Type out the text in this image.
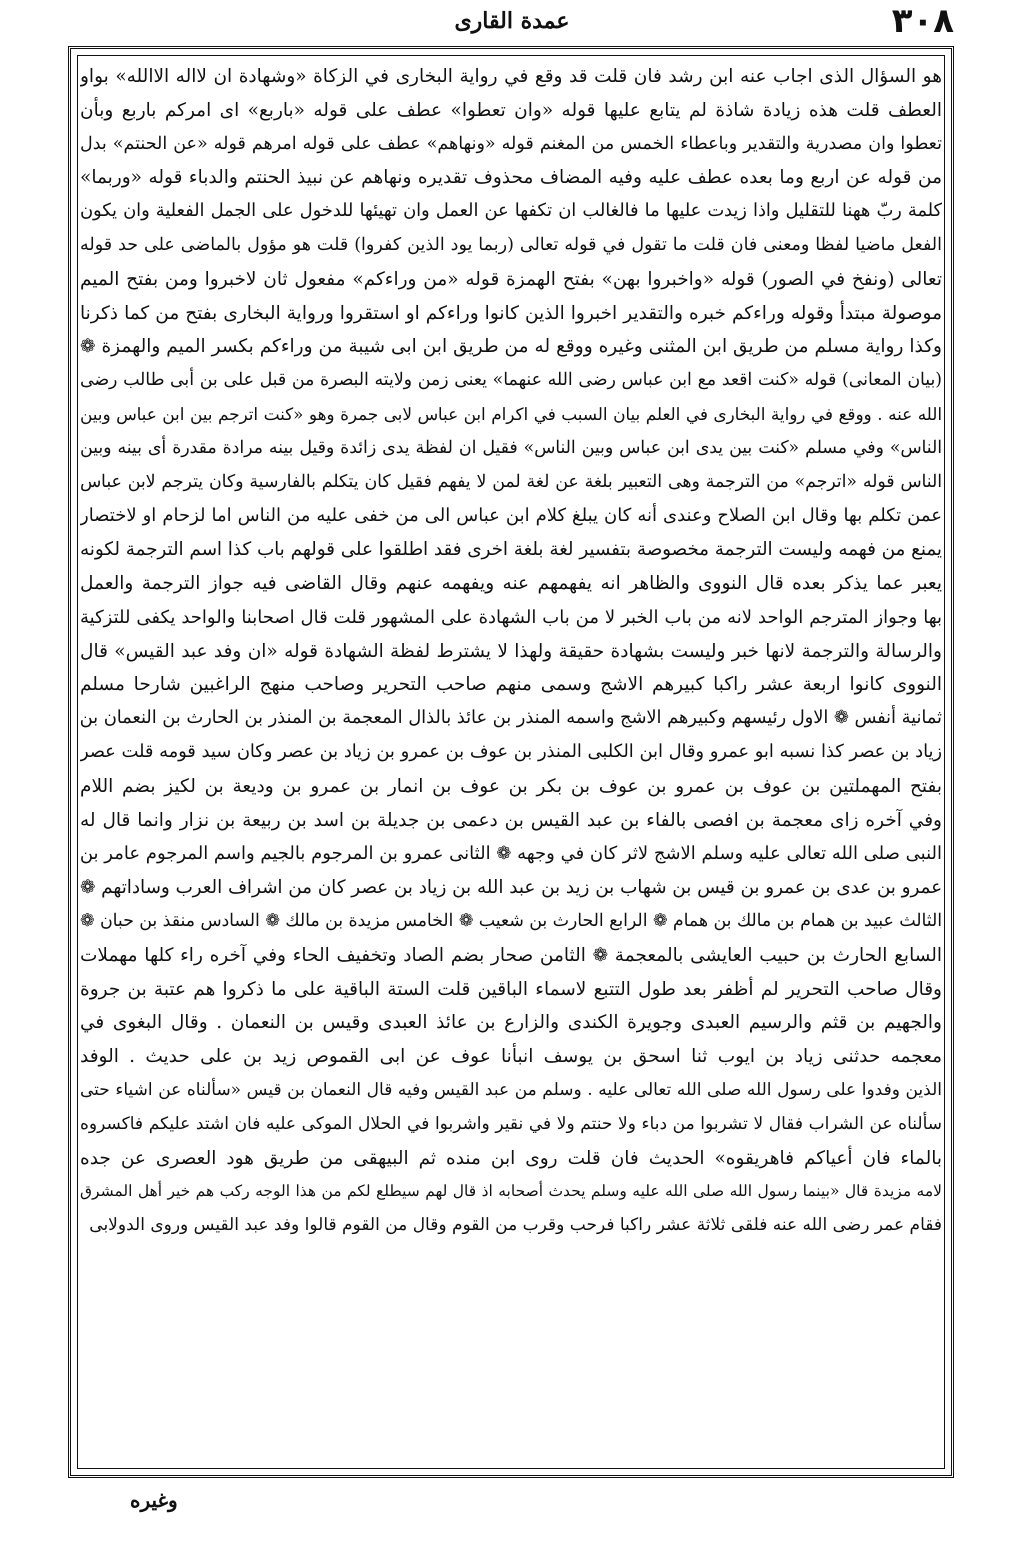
عمدة القارى	٣٠٨
هو السؤال الذى اجاب عنه ابن رشد فان قلت قد وقع في رواية البخارى في الزكاة «وشهادة ان لااله الاالله» بواو
العطف قلت هذه زيادة شاذة لم يتابع عليها قوله «وان تعطوا» عطف على قوله «باربع» اى امركم باربع وبأن
تعطوا وان مصدرية والتقدير وباعطاء الخمس من المغنم قوله «ونهاهم» عطف على قوله امرهم قوله «عن الحنتم» بدل
من قوله عن اربع وما بعده عطف عليه وفيه المضاف محذوف تقديره ونهاهم عن نبيذ الحنتم والدباء قوله «وربما»
كلمة ربّ ههنا للتقليل واذا زيدت عليها ما فالغالب ان تكفها عن العمل وان تهيئها للدخول على الجمل الفعلية وان يكون
الفعل ماضيا لفظا ومعنى فان قلت ما تقول في قوله تعالى (ربما يود الذين كفروا) قلت هو مؤول بالماضى على حد قوله
تعالى (ونفخ في الصور) قوله «واخبروا بهن» بفتح الهمزة قوله «من وراءكم» مفعول ثان لاخبروا ومن بفتح الميم
موصولة مبتدأ وقوله وراءكم خبره والتقدير اخبروا الذين كانوا وراءكم او استقروا ورواية البخارى بفتح من كما ذكرنا
وكذا رواية مسلم من طريق ابن المثنى وغيره ووقع له من طريق ابن ابى شيبة من وراءكم بكسر الميم والهمزة ❁
(بيان المعانى) قوله «كنت اقعد مع ابن عباس رضى الله عنهما» يعنى زمن ولايته البصرة من قبل على بن أبى طالب رضى
الله عنه . ووقع في رواية البخارى في العلم بيان السبب في اكرام ابن عباس لابى جمرة وهو «كنت اترجم بين ابن عباس وبين
الناس» وفي مسلم «كنت بين يدى ابن عباس وبين الناس» فقيل ان لفظة يدى زائدة وقيل بينه مرادة مقدرة أى بينه وبين
الناس قوله «اترجم» من الترجمة وهى التعبير بلغة عن لغة لمن لا يفهم فقيل كان يتكلم بالفارسية وكان يترجم لابن عباس
عمن تكلم بها وقال ابن الصلاح وعندى أنه كان يبلغ كلام ابن عباس الى من خفى عليه من الناس اما لزحام او لاختصار
يمنع من فهمه وليست الترجمة مخصوصة بتفسير لغة بلغة اخرى فقد اطلقوا على قولهم باب كذا اسم الترجمة لكونه
يعبر عما يذكر بعده قال النووى والظاهر انه يفهمهم عنه ويفهمه عنهم وقال القاضى فيه جواز الترجمة والعمل
بها وجواز المترجم الواحد لانه من باب الخبر لا من باب الشهادة على المشهور قلت قال اصحابنا والواحد يكفى للتزكية
والرسالة والترجمة لانها خبر وليست بشهادة حقيقة ولهذا لا يشترط لفظة الشهادة قوله «ان وفد عبد القيس» قال
النووى كانوا اربعة عشر راكبا كبيرهم الاشج وسمى منهم صاحب التحرير وصاحب منهج الراغبين شارحا مسلم
ثمانية أنفس ❁ الاول رئيسهم وكبيرهم الاشج واسمه المنذر بن عائذ بالذال المعجمة بن المنذر بن الحارث بن النعمان بن
زياد بن عصر كذا نسبه ابو عمرو وقال ابن الكلبى المنذر بن عوف بن عمرو بن زياد بن عصر وكان سيد قومه قلت عصر
بفتح المهملتين بن عوف بن عمرو بن عوف بن بكر بن عوف بن انمار بن عمرو بن وديعة بن لكيز بضم اللام
وفي آخره زاى معجمة بن افصى بالفاء بن عبد القيس بن دعمى بن جديلة بن اسد بن ربيعة بن نزار وانما قال له
النبى صلى الله تعالى عليه وسلم الاشج لاثر كان في وجهه ❁ الثانى عمرو بن المرجوم بالجيم واسم المرجوم عامر بن
عمرو بن عدى بن عمرو بن قيس بن شهاب بن زيد بن عبد الله بن زياد بن عصر كان من اشراف العرب وساداتهم ❁
الثالث عبيد بن همام بن مالك بن همام ❁ الرابع الحارث بن شعيب ❁ الخامس مزيدة بن مالك ❁ السادس منقذ بن حبان ❁
السابع الحارث بن حبيب العايشى بالمعجمة ❁ الثامن صحار بضم الصاد وتخفيف الحاء وفي آخره راء كلها مهملات
وقال صاحب التحرير لم أظفر بعد طول التتبع لاسماء الباقين قلت الستة الباقية على ما ذكروا هم عتبة بن جروة
والجهيم بن قثم والرسيم العبدى وجويرة الكندى والزارع بن عائذ العبدى وقيس بن النعمان . وقال البغوى في
معجمه حدثنى زياد بن ايوب ثنا اسحق بن يوسف انبأنا عوف عن ابى القموص زيد بن على حديث . الوفد
الذين وفدوا على رسول الله صلى الله تعالى عليه . وسلم من عبد القيس وفيه قال النعمان بن قيس «سألناه عن اشياء حتى
سألناه عن الشراب فقال لا تشربوا من دباء ولا حنتم ولا في نقير واشربوا في الحلال الموكى عليه فان اشتد عليكم فاكسروه
بالماء فان أعياكم فاهريقوه» الحديث فان قلت روى ابن منده ثم البيهقى من طريق هود العصرى عن جده
لامه مزيدة قال «بينما رسول الله صلى الله عليه وسلم يحدث أصحابه اذ قال لهم سيطلع لكم من هذا الوجه ركب هم خير أهل المشرق
فقام عمر رضى الله عنه فلقى ثلاثة عشر راكبا فرحب وقرب من القوم وقال من القوم قالوا وفد عبد القيس وروى الدولابى
وغيره
